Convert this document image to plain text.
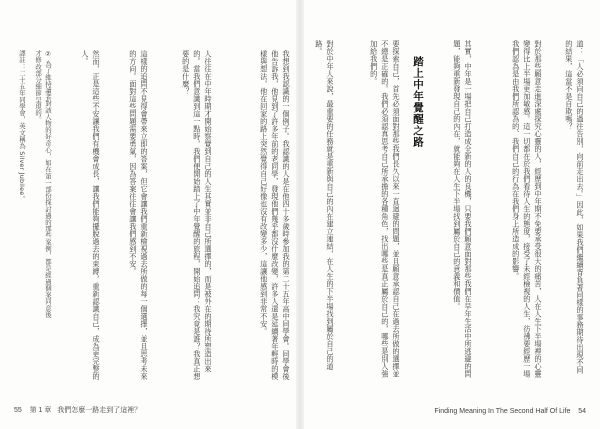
譯註：二十五年同學會，英文稱為 Silver Jubilee。	② 為了維持讀者對該人物的好奇心，如在第一部份探討過的那些案例，都是經過個案同意後才修改部分細節呈現的。	然而，正是這些不安讓我們有機會成長，讓我們能夠擺脫過去的束縛，重新認識自己，成為更完整的人。	這樣的追問不見得會帶來立即的答案，但它會讓我們重新檢視過去所做的每一個選擇，並且思考未來的方向。面對這些問題需要勇氣，因為答案往往會讓我們感到不安。	人往往在中年時期才開始察覺到自己的人生其實並非自己所選擇的，而是被外在的期待所塑造出來的。當我們意識到這一點時，我們便開始踏上了中年覺醒的旅程，開始追問：我究竟是誰？我真正想要的是什麼？	我想到我認識的一個例子。我認識的人是在他四十多歲時參加我的第二十五年高中同學會。同學會後他告訴我，他見到了許多年前的老同學，發現他們幾乎都沒什麼改變，許多人還是延續著年輕時的模樣與想法，他在回家的路上突然覺得自己好像也沒有改變多少，這讓他感到非常不安。
55 第 1 章 我們怎麼一路走到了這裡？
對於中年人來說，最重要的任務就是重新與自己的內在建立連結，在人生的下半場找到屬於自己的道路。	要探索自己，首先必須面對那些我們長久以來一直迴避的問題，並且願意承認自己在過去所做的選擇並不總是正確的。我們必須認真思考自己所承擔的各種角色，找出哪些是真正屬於自己的，哪些是別人強加給我們的。	踏上中年覺醒之路	其實，中年是一場把自己打造成全新的人的良機，只要我們願意面對那些我們在早年生活中所逃避的問題，能夠重新發現自己的內在，就能夠在人生下半場找到屬於自己的意義和價值。	對於那些願意走進深處探究心靈的人，經歷到中年期不免要承受很大的痛苦，人在人生下半場裡的心靈變得比上半場更加敏感。這一切都在於我們看待人生的態度，接受了未經檢視的人生，彷彿要經歷一場我們認為是由我們所認為的、我們自己的行為在我們身上所造成的影響。	道：「人必須向自己的過往告別，向前走出去。」因此，如果我們繼續背負著同樣的事務期待出現不同的結果，這當不是自欺嗎？
Finding Meaning In The Second Half Of Life 54
